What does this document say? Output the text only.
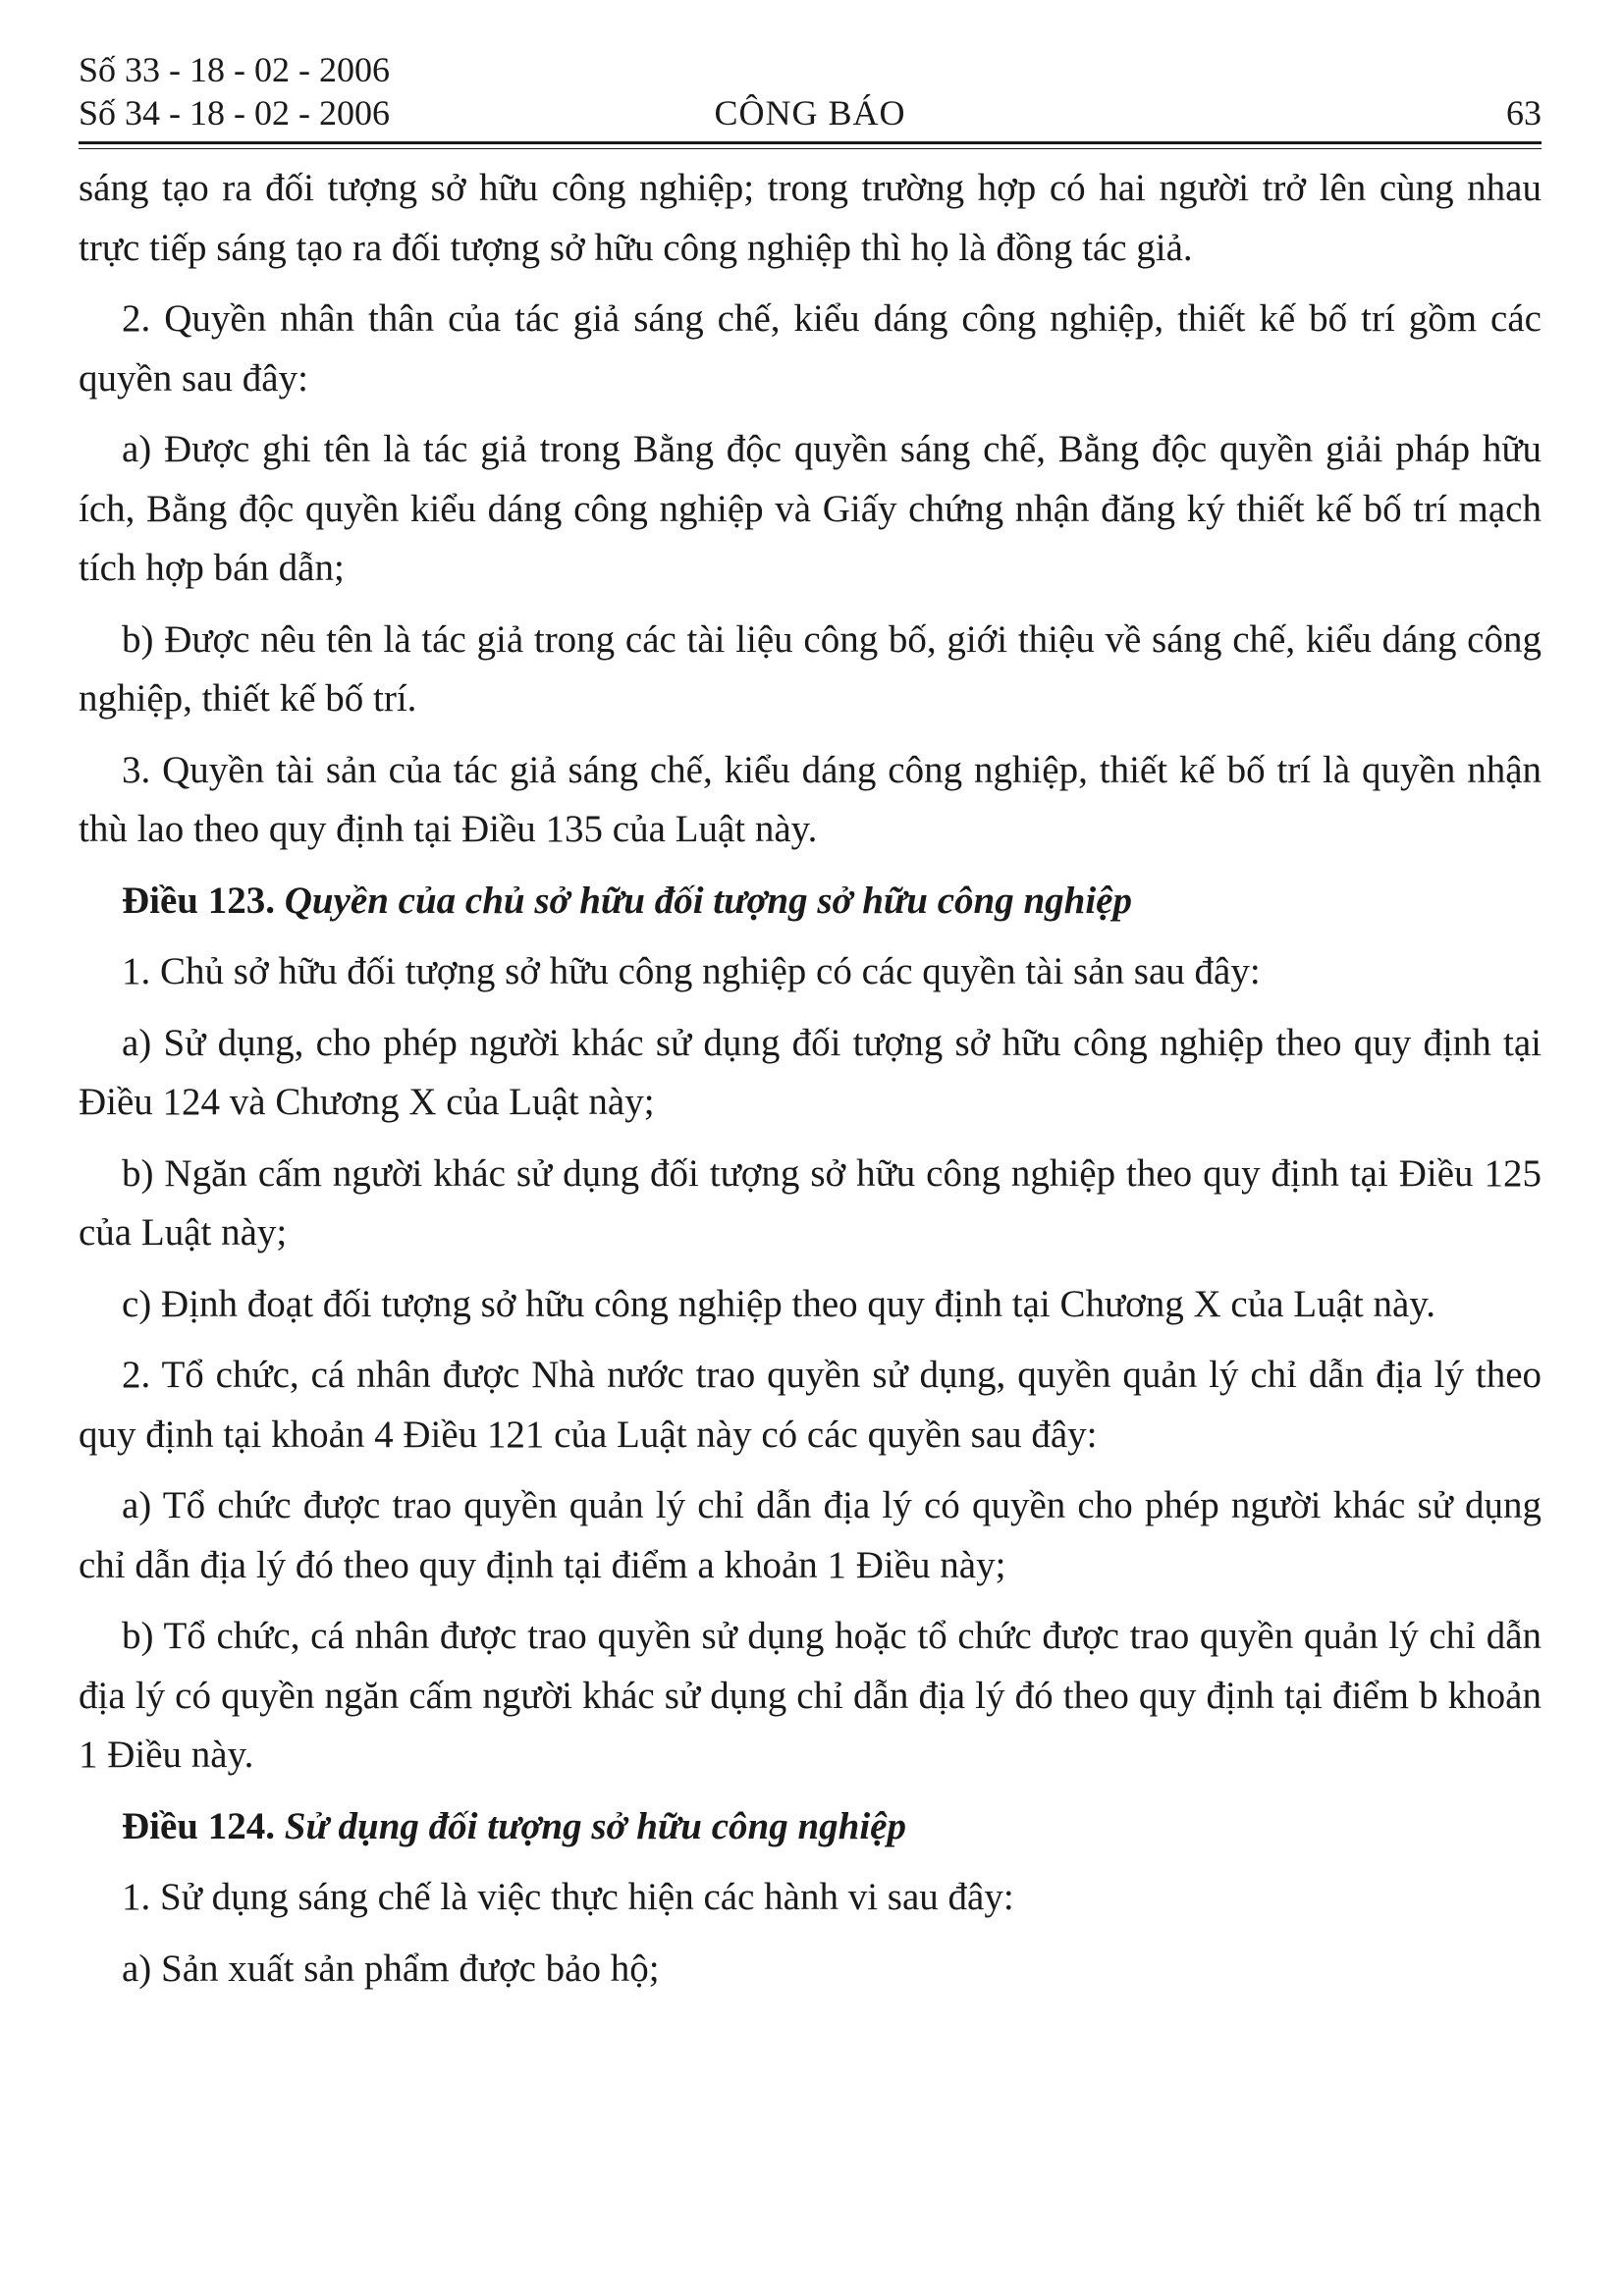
Số 33 - 18 - 02 - 2006
Số 34 - 18 - 02 - 2006	CÔNG BÁO	63

sáng tạo ra đối tượng sở hữu công nghiệp; trong trường hợp có hai người trở lên cùng nhau trực tiếp sáng tạo ra đối tượng sở hữu công nghiệp thì họ là đồng tác giả.

2. Quyền nhân thân của tác giả sáng chế, kiểu dáng công nghiệp, thiết kế bố trí gồm các quyền sau đây:

a) Được ghi tên là tác giả trong Bằng độc quyền sáng chế, Bằng độc quyền giải pháp hữu ích, Bằng độc quyền kiểu dáng công nghiệp và Giấy chứng nhận đăng ký thiết kế bố trí mạch tích hợp bán dẫn;

b) Được nêu tên là tác giả trong các tài liệu công bố, giới thiệu về sáng chế, kiểu dáng công nghiệp, thiết kế bố trí.

3. Quyền tài sản của tác giả sáng chế, kiểu dáng công nghiệp, thiết kế bố trí là quyền nhận thù lao theo quy định tại Điều 135 của Luật này.

Điều 123. Quyền của chủ sở hữu đối tượng sở hữu công nghiệp

1. Chủ sở hữu đối tượng sở hữu công nghiệp có các quyền tài sản sau đây:

a) Sử dụng, cho phép người khác sử dụng đối tượng sở hữu công nghiệp theo quy định tại Điều 124 và Chương X của Luật này;

b) Ngăn cấm người khác sử dụng đối tượng sở hữu công nghiệp theo quy định tại Điều 125 của Luật này;

c) Định đoạt đối tượng sở hữu công nghiệp theo quy định tại Chương X của Luật này.

2. Tổ chức, cá nhân được Nhà nước trao quyền sử dụng, quyền quản lý chỉ dẫn địa lý theo quy định tại khoản 4 Điều 121 của Luật này có các quyền sau đây:

a) Tổ chức được trao quyền quản lý chỉ dẫn địa lý có quyền cho phép người khác sử dụng chỉ dẫn địa lý đó theo quy định tại điểm a khoản 1 Điều này;

b) Tổ chức, cá nhân được trao quyền sử dụng hoặc tổ chức được trao quyền quản lý chỉ dẫn địa lý có quyền ngăn cấm người khác sử dụng chỉ dẫn địa lý đó theo quy định tại điểm b khoản 1 Điều này.

Điều 124. Sử dụng đối tượng sở hữu công nghiệp

1. Sử dụng sáng chế là việc thực hiện các hành vi sau đây:

a) Sản xuất sản phẩm được bảo hộ;
